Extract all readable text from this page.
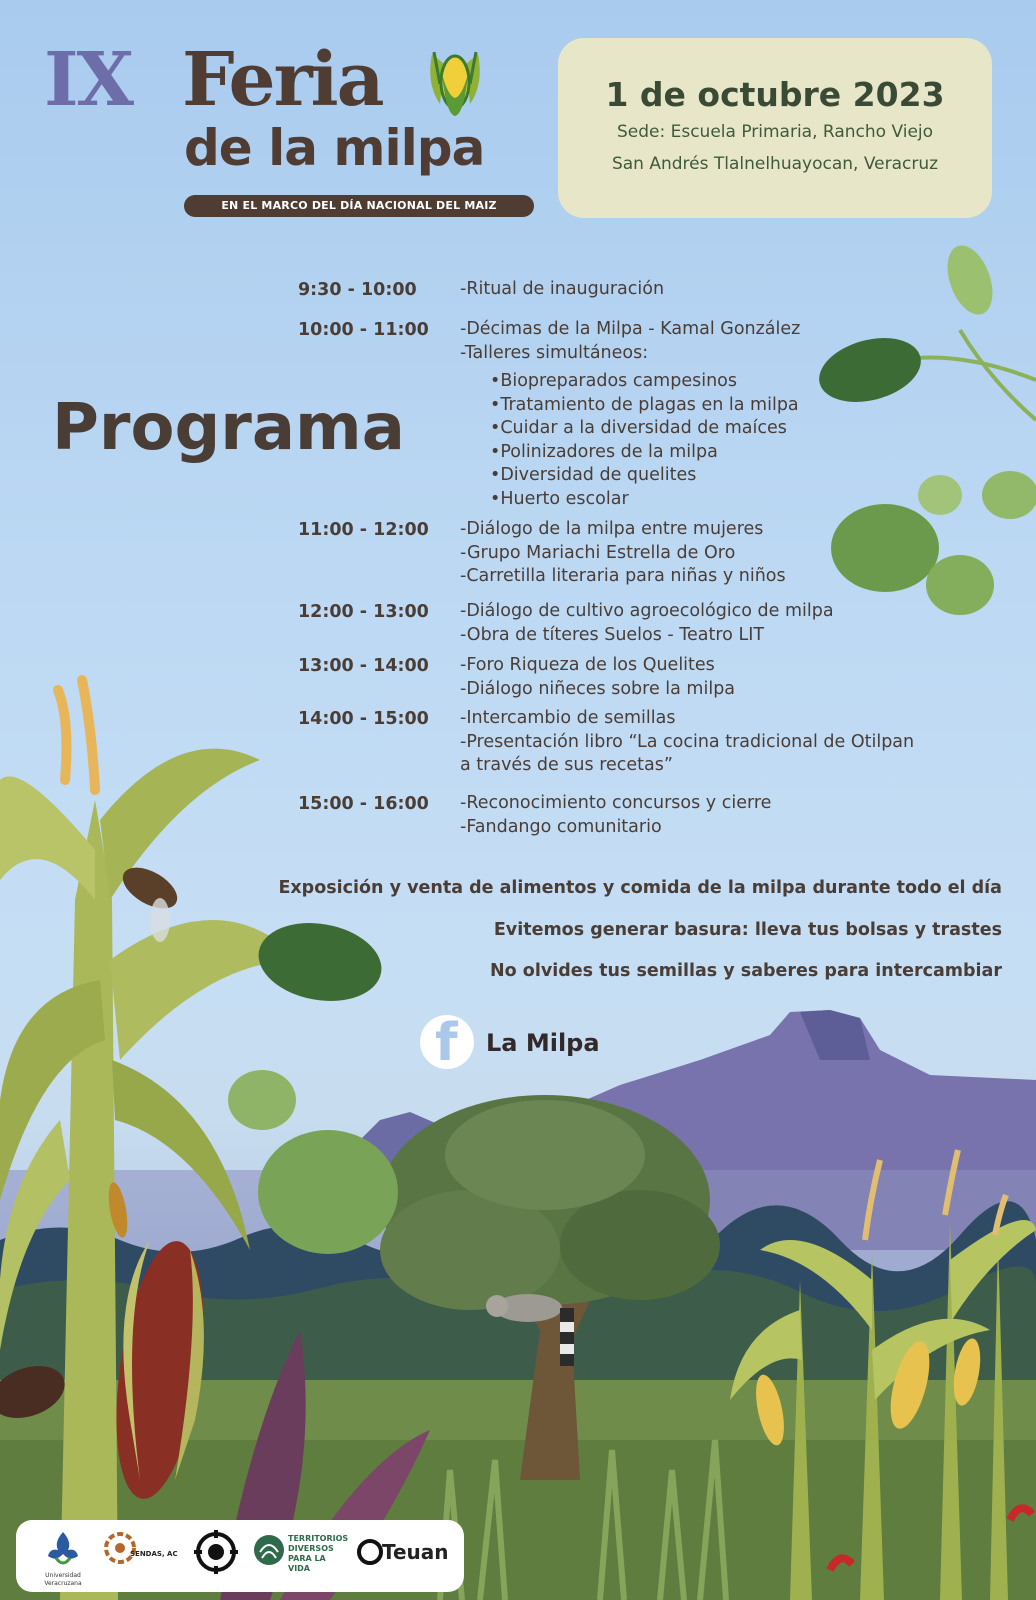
IX Feria
de la milpa
EN EL MARCO DEL DÍA NACIONAL DEL MAIZ
1 de octubre 2023
Sede: Escuela Primaria, Rancho Viejo
San Andrés Tlalnelhuayocan, Veracruz
Programa
9:30 - 10:00	-Ritual de inauguración
10:00 - 11:00	-Décimas de la Milpa - Kamal González
-Talleres simultáneos:
•Biopreparados campesinos
•Tratamiento de plagas en la milpa
•Cuidar a la diversidad de maíces
•Polinizadores de la milpa
•Diversidad de quelites
•Huerto escolar
11:00 - 12:00	-Diálogo de la milpa entre mujeres
-Grupo Mariachi Estrella de Oro
-Carretilla literaria para niñas y niños
12:00 - 13:00	-Diálogo de cultivo agroecológico de milpa
-Obra de títeres Suelos - Teatro LIT
13:00 - 14:00	-Foro Riqueza de los Quelites
-Diálogo niñeces sobre la milpa
14:00 - 15:00	-Intercambio de semillas
-Presentación libro “La cocina tradicional de Otilpan
a través de sus recetas”
15:00 - 16:00	-Reconocimiento concursos y cierre
-Fandango comunitario
Exposición y venta de alimentos y comida de la milpa durante todo el día
Evitemos generar basura: lleva tus bolsas y trastes
No olvides tus semillas y saberes para intercambiar
f La Milpa
Universidad Veracruzana
SENDAS, AC
TERRITORIOS
DIVERSOS
PARA LA VIDA
Teuan
